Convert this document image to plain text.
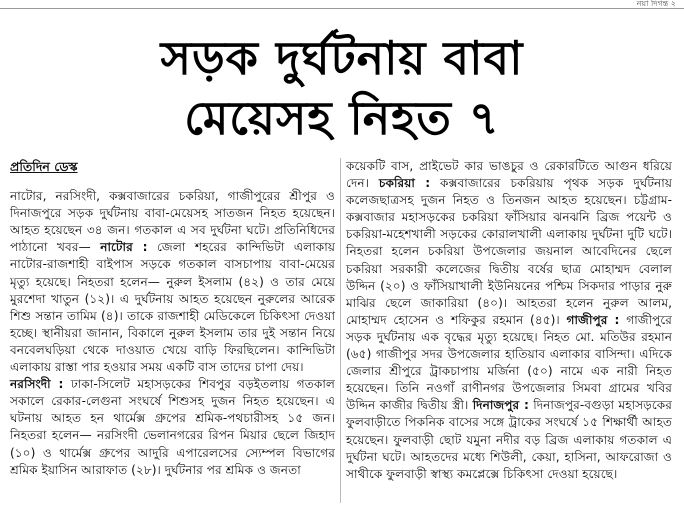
নয়া দিগন্ত ২
সড়ক দুর্ঘটনায় বাবা
মেয়েসহ নিহত ৭
প্রতিদিন ডেস্ক

নাটোর, নরসিংদী, কক্সবাজারের চকরিয়া, গাজীপুরের শ্রীপুর ও দিনাজপুরে সড়ক দুর্ঘটনায় বাবা-মেয়েসহ সাতজন নিহত হয়েছেন। আহত হয়েছেন ৩৪ জন। গতকাল এ সব দুর্ঘটনা ঘটে। প্রতিনিধিদের পাঠানো খবর— নাটোর : জেলা শহরের কান্দিভিটা এলাকায় নাটোর-রাজশাহী বাইপাস সড়কে গতকাল বাসচাপায় বাবা-মেয়ের মৃত্যু হয়েছে। নিহতরা হলেন— নুরুল ইসলাম (৪২) ও তার মেয়ে মুরশেদা খাতুন (১২)। এ দুর্ঘটনায় আহত হয়েছেন নুরুলের আরেক শিশু সন্তান তামিম (৪)। তাকে রাজশাহী মেডিকেলে চিকিৎসা দেওয়া হচ্ছে। স্থানীয়রা জানান, বিকালে নুরুল ইসলাম তার দুই সন্তান নিয়ে বনবেলঘড়িয়া থেকে দাওয়াত খেয়ে বাড়ি ফিরছিলেন। কান্দিভিটা এলাকায় রাস্তা পার হওয়ার সময় একটি বাস তাদের চাপা দেয়।

নরসিংদী : ঢাকা-সিলেট মহাসড়কের শিবপুর বড়ইতলায় গতকাল সকালে রেকার-লেগুনা সংঘর্ষে শিশুসহ দুজন নিহত হয়েছেন। এ ঘটনায় আহত হন থার্মেক্স গ্রুপের শ্রমিক-পথচারীসহ ১৫ জন। নিহতরা হলেন— নরসিংদী ভেলানগরের রিপন মিয়ার ছেলে জিহাদ (১০) ও থার্মেক্স গ্রুপের আদুরি এপারেলসের স্যেম্পল বিভাগের শ্রমিক ইয়াসিন আরাফাত (২৮)। দুর্ঘটনার পর শ্রমিক ও জনতা

কয়েকটি বাস, প্রাইভেট কার ভাঙচুর ও রেকারটিতে আগুন ধরিয়ে দেন। চকরিয়া : কক্সবাজারের চকরিয়ায় পৃথক সড়ক দুর্ঘটনায় কলেজছাত্রসহ দুজন নিহত ও তিনজন আহত হয়েছেন। চট্টগ্রাম-কক্সবাজার মহাসড়কের চকরিয়া ফাঁসিয়ার ঝনঝনি ব্রিজ পয়েন্ট ও চকরিয়া-মহেশখালী সড়কের কোরালখালী এলাকায় দুর্ঘটনা দুটি ঘটে। নিহতরা হলেন চকরিয়া উপজেলার জয়নাল আবেদিনের ছেলে চকরিয়া সরকারী কলেজের দ্বিতীয় বর্ষের ছাত্র মোহাম্মদ বেলাল উদ্দিন (২০) ও ফাঁসিয়াখালী ইউনিয়নের পশ্চিম সিকদার পাড়ার নুরু মাঝির ছেলে জাকারিয়া (৪০)। আহতরা হলেন নুরুল আলম, মোহাম্মদ হোসেন ও শফিকুর রহমান (৪৫)। গাজীপুর : গাজীপুরে সড়ক দুর্ঘটনায় এক বৃদ্ধের মৃত্যু হয়েছে। নিহত মো. মতিউর রহমান (৬৫) গাজীপুর সদর উপজেলার হাতিয়াব এলাকার বাসিন্দা। এদিকে জেলার শ্রীপুরে ট্রাকচাপায় মর্জিনা (৫০) নামে এক নারী নিহত হয়েছেন। তিনি নওগাঁ রাণীনগর উপজেলার সিমবা গ্রামের খবির উদ্দিন কাজীর দ্বিতীয় স্ত্রী। দিনাজপুর : দিনাজপুর-বগুড়া মহাসড়কের ফুলবাড়ীতে পিকনিক বাসের সঙ্গে ট্রাকের সংঘর্ষে ১৫ শিক্ষার্থী আহত হয়েছেন। ফুলবাড়ী ছোট যমুনা নদীর বড় ব্রিজ এলাকায় গতকাল এ দুর্ঘটনা ঘটে। আহতদের মধ্যে শিউলী, কেয়া, হাসিনা, আফরোজা ও সাথীকে ফুলবাড়ী স্বাস্থ্য কমপ্লেক্সে চিকিৎসা দেওয়া হয়েছে।
